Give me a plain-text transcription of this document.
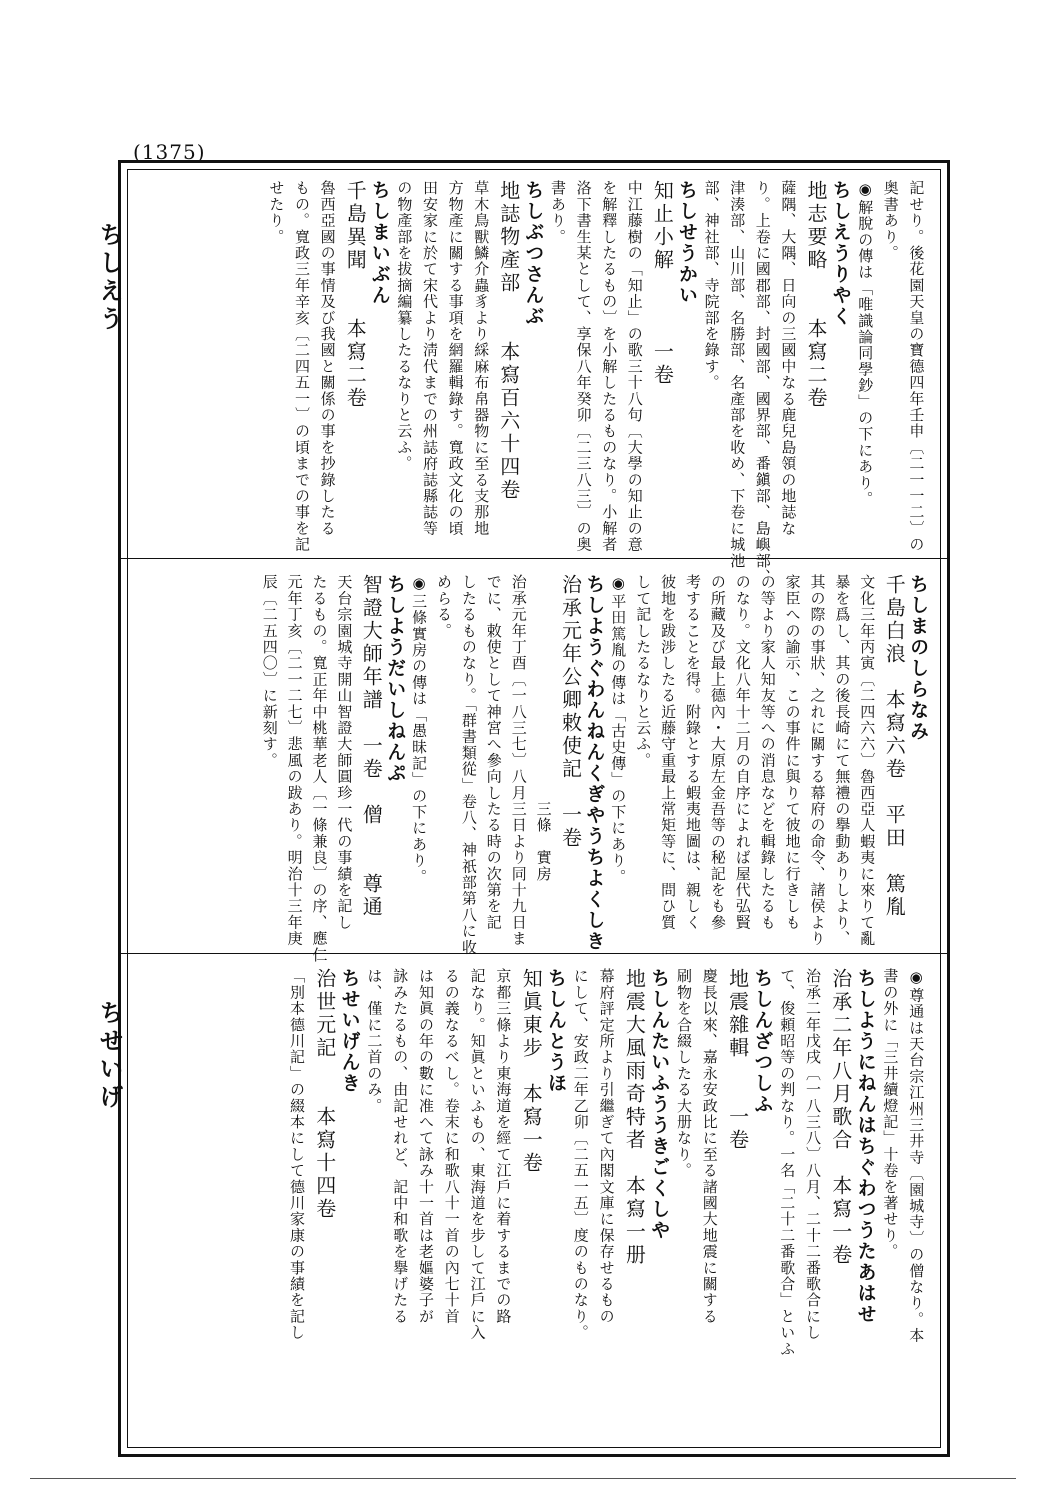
(1375)
ちしえう
ちせいげ
記せり。後花園天皇の寶德四年壬申〔二一一二〕の
奥書あり。
◉解脫の傳は「唯識論同學鈔」の下にあり。
ちしえうりやく
地志要略　　本寫二卷
薩隅、大隅、日向の三國中なる鹿兒島領の地誌な
り。上卷に國郡部、封國部、國界部、番鎭部、島嶼部、
津湊部、山川部、名勝部、名產部を收め、下卷に城池
部、神社部、寺院部を錄す。
ちしせうかい
知止小解　　　一卷
中江藤樹の「知止」の歌三十八句〔大學の知止の意
を解釋したるもの〕を小解したるものなり。小解者
洛下書生某として、享保八年癸卯〔二三八三〕の奥
書あり。
ちしぶつさんぶ
地誌物產部　　本寫百六十四卷
草木鳥獸鱗介蟲豸より綵麻布帛器物に至る支那地
方物產に關する事項を網羅輯錄す。寬政文化の頃
田安家に於て宋代より淸代までの州誌府誌縣誌等
の物產部を拔摘編纂したるなりと云ふ。
ちしまいぶん
千島異聞　　本寫二卷
魯西亞國の事情及び我國と關係の事を抄錄したる
もの。寬政三年辛亥〔二四五一〕の頃までの事を記
せたり。
ちしまのしらなみ
千島白浪　本寫六卷　平田　篤胤
文化三年丙寅〔二四六六〕魯西亞人蝦夷に來りて亂
暴を爲し、其の後長崎にて無禮の擧動ありしより、
其の際の事狀、之れに關する幕府の命令、諸侯より
家臣への諭示、この事件に與りて彼地に行きしも
の等より家人知友等への消息などを輯錄したるも
のなり。文化八年十二月の自序によれば屋代弘賢
の所藏及び最上德內・大原左金吾等の秘記をも參
考することを得。附錄とする蝦夷地圖は、親しく
彼地を跋涉したる近藤守重最上常矩等に、問ひ質
して記したるなりと云ふ。
◉平田篤胤の傳は「古史傳」の下にあり。
ちしようぐわんねんくぎやうちよくしき
治承元年公卿敕使記　一卷
　　　　　　　　　　　　　　三條　實房
治承元年丁酉〔一八三七〕八月三日より同十九日ま
でに、敕使として神宮へ參向したる時の次第を記
したるものなり。「群書類從」卷八、神祇部第八に收
めらる。
◉三條實房の傳は「愚昧記」の下にあり。
ちしようだいしねんぷ
智證大師年譜　一卷　僧　　尊通
天台宗園城寺開山智證大師圓珍一代の事績を記し
たるもの。寬正年中桃華老人〔一條兼良〕の序、應仁
元年丁亥〔二一二七〕悲風の跋あり。明治十三年庚
辰〔二五四〇〕に新刻す。
◉尊通は天台宗江州三井寺〔園城寺〕の僧なり。本
書の外に「三井續燈記」十卷を著せり。
ちしようにねんはちぐわつうたあはせ
治承二年八月歌合　本寫一卷
治承二年戊戌〔一八三八〕八月、二十二番歌合にし
て、俊頼昭等の判なり。一名「二十二番歌合」といふ
ちしんざつしふ
地震雜輯　　一卷
慶長以來、嘉永安政比に至る諸國大地震に關する
刷物を合綴したる大册なり。
ちしんたいふううきごくしや
地震大風雨奇特者　本寫一册
幕府評定所より引繼ぎて內閣文庫に保存せるもの
にして、安政二年乙卯〔二五一五〕度のものなり。
ちしんとうほ
知眞東步　本寫一卷
京都三條より東海道を經て江戶に着するまでの路
記なり。知眞といふもの、東海道を步して江戶に入
るの義なるべし。卷末に和歌八十一首の內七十首
は知眞の年の數に准へて詠み十一首は老嫗婆子が
詠みたるもの、由記せれど、記中和歌を擧げたる
は、僅に二首のみ。
ちせいげんき
治世元記　　本寫十四卷
「別本德川記」の綴本にして德川家康の事績を記し
